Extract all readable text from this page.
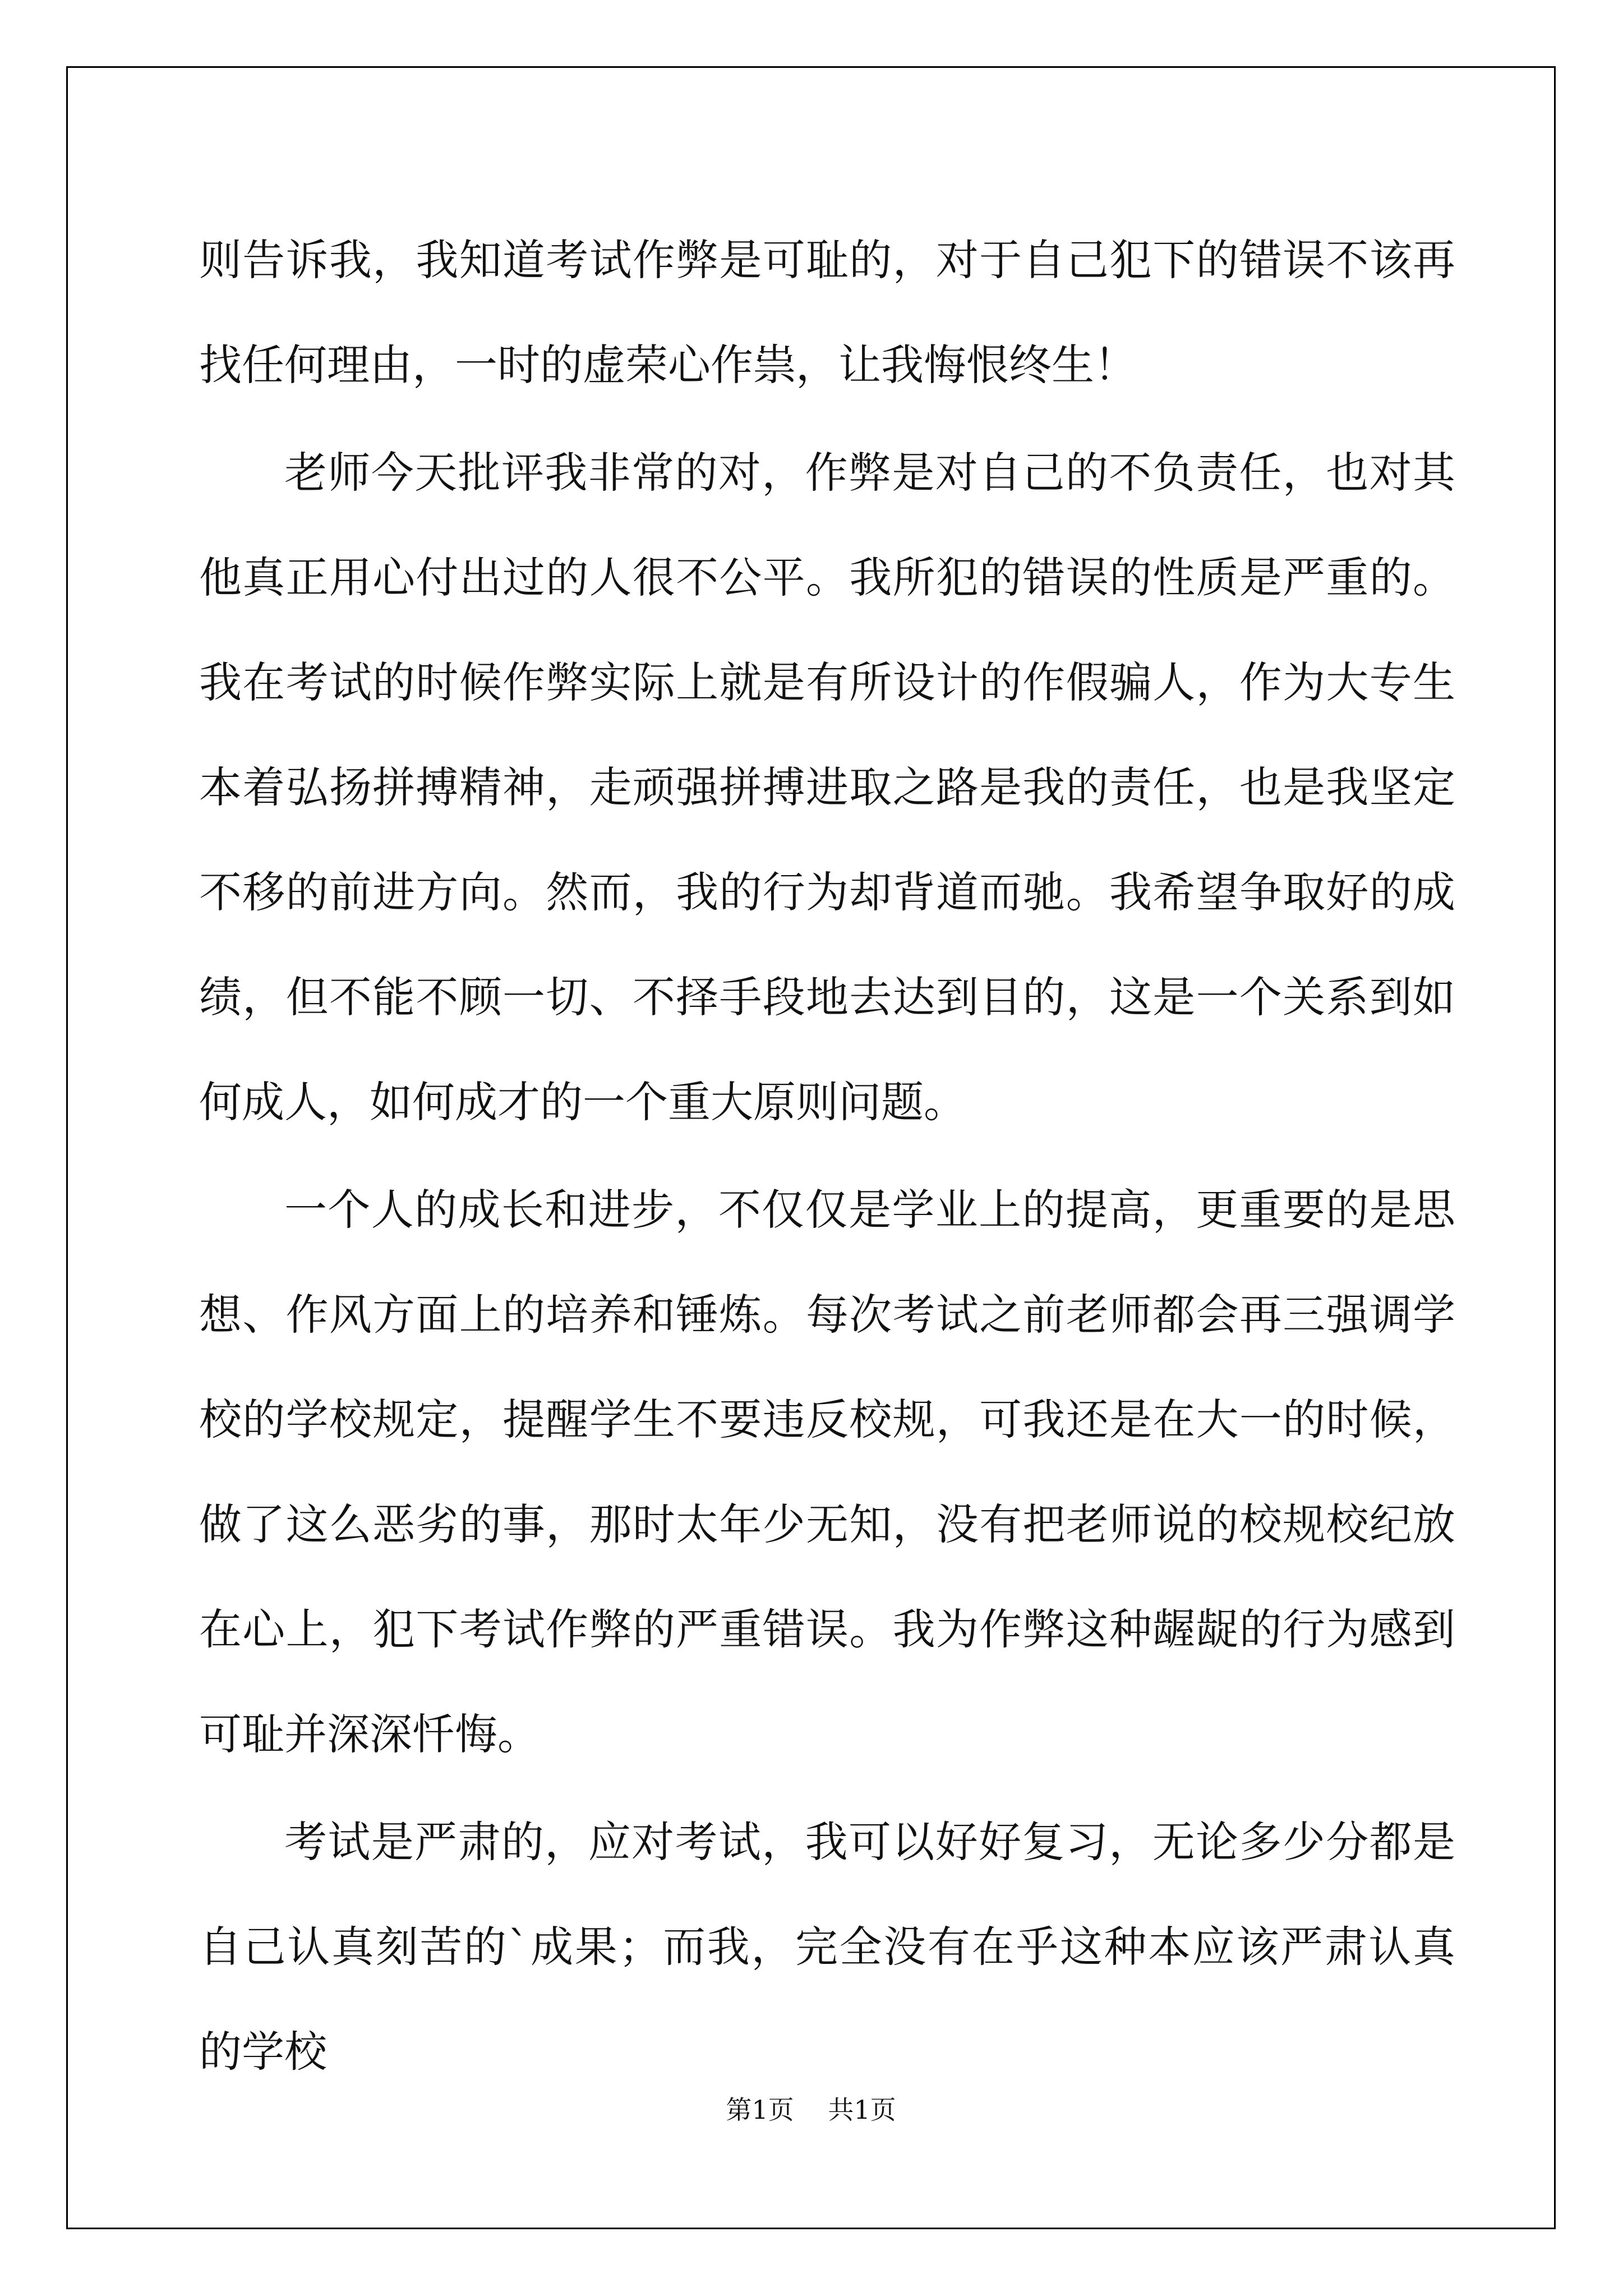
则告诉我，我知道考试作弊是可耻的，对于自己犯下的错误不该再找任何理由，一时的虚荣心作祟，让我悔恨终生！

老师今天批评我非常的对，作弊是对自己的不负责任，也对其他真正用心付出过的人很不公平。我所犯的错误的性质是严重的。我在考试的时候作弊实际上就是有所设计的作假骗人，作为大专生本着弘扬拼搏精神，走顽强拼搏进取之路是我的责任，也是我坚定不移的前进方向。然而，我的行为却背道而驰。我希望争取好的成绩，但不能不顾一切、不择手段地去达到目的，这是一个关系到如何成人，如何成才的一个重大原则问题。

一个人的成长和进步，不仅仅是学业上的提高，更重要的是思想、作风方面上的培养和锤炼。每次考试之前老师都会再三强调学校的学校规定，提醒学生不要违反校规，可我还是在大一的时候，做了这么恶劣的事，那时太年少无知，没有把老师说的校规校纪放在心上，犯下考试作弊的严重错误。我为作弊这种龌龊的行为感到可耻并深深忏悔。

考试是严肃的，应对考试，我可以好好复习，无论多少分都是自己认真刻苦的`成果；而我，完全没有在乎这种本应该严肃认真的学校

第1页 共1页
